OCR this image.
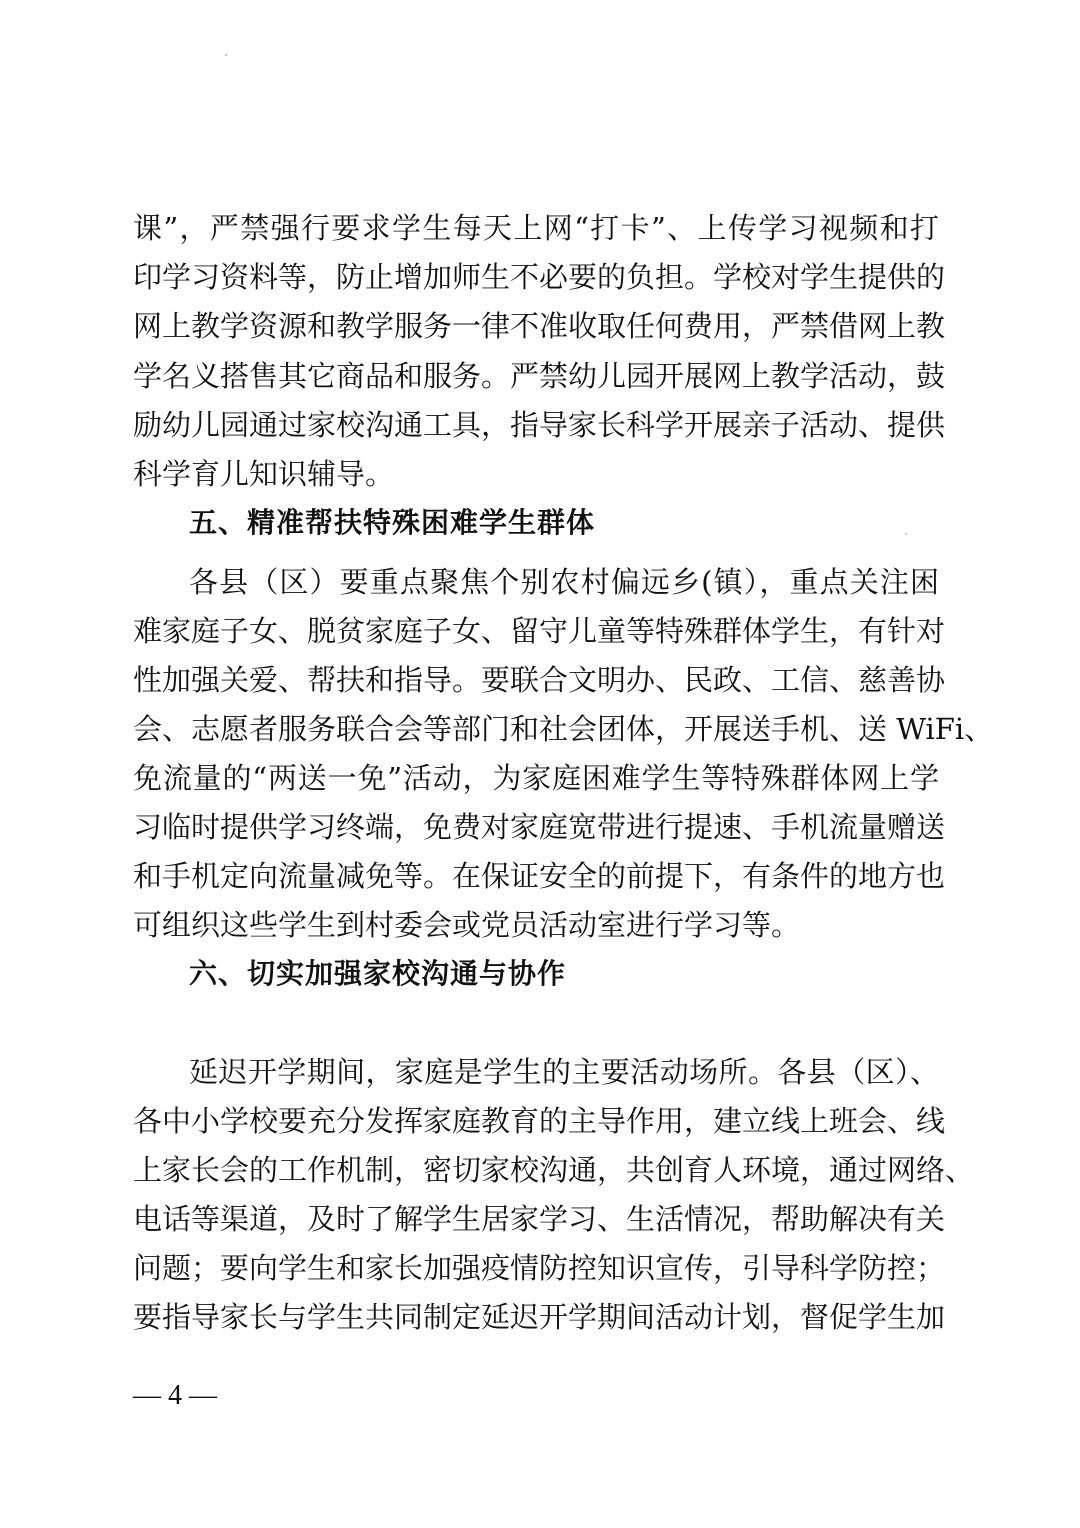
课”，严禁强行要求学生每天上网“打卡”、上传学习视频和打
印学习资料等，防止增加师生不必要的负担。学校对学生提供的
网上教学资源和教学服务一律不准收取任何费用，严禁借网上教
学名义搭售其它商品和服务。严禁幼儿园开展网上教学活动，鼓
励幼儿园通过家校沟通工具，指导家长科学开展亲子活动、提供
科学育儿知识辅导。
五、精准帮扶特殊困难学生群体
各县（区）要重点聚焦个别农村偏远乡(镇），重点关注困
难家庭子女、脱贫家庭子女、留守儿童等特殊群体学生，有针对
性加强关爱、帮扶和指导。要联合文明办、民政、工信、慈善协
会、志愿者服务联合会等部门和社会团体，开展送手机、送 WiFi、
免流量的“两送一免”活动，为家庭困难学生等特殊群体网上学
习临时提供学习终端，免费对家庭宽带进行提速、手机流量赠送
和手机定向流量减免等。在保证安全的前提下，有条件的地方也
可组织这些学生到村委会或党员活动室进行学习等。
六、切实加强家校沟通与协作
延迟开学期间，家庭是学生的主要活动场所。各县（区）、
各中小学校要充分发挥家庭教育的主导作用，建立线上班会、线
上家长会的工作机制，密切家校沟通，共创育人环境，通过网络、
电话等渠道，及时了解学生居家学习、生活情况，帮助解决有关
问题；要向学生和家长加强疫情防控知识宣传，引导科学防控；
要指导家长与学生共同制定延迟开学期间活动计划，督促学生加
— 4 —
